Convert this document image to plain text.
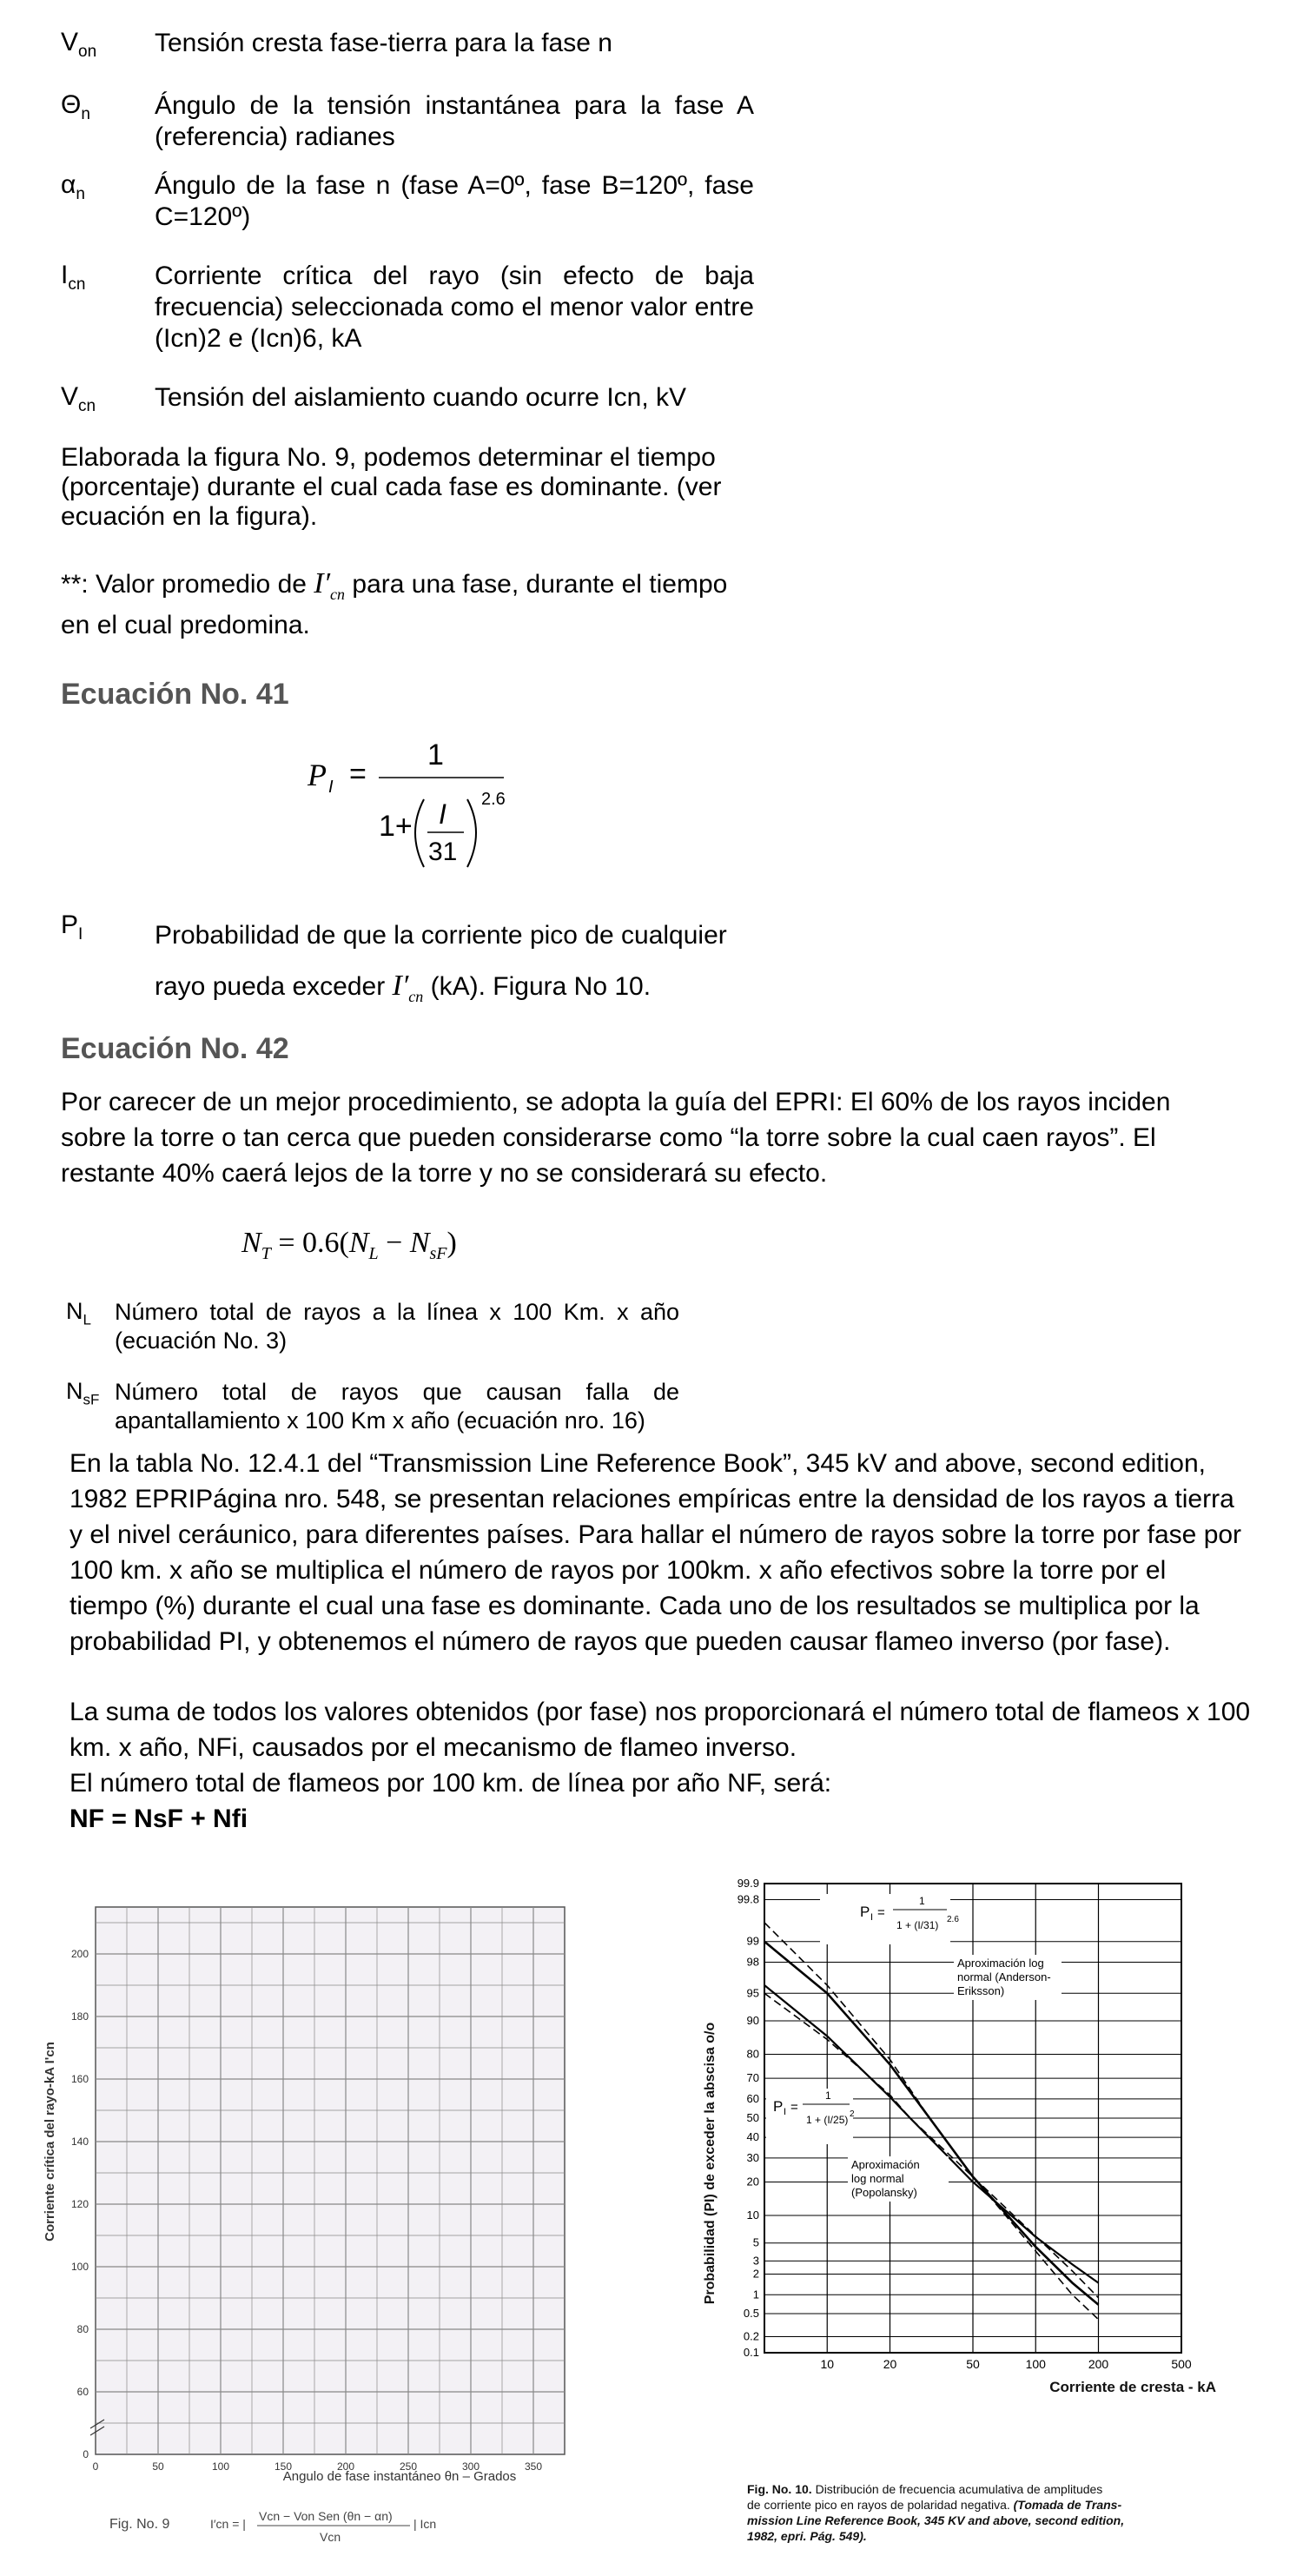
$V_{on}$ Tensión cresta fase-tierra para la fase n
$\Theta_n$ Ángulo de la tensión instantánea para la fase A (referencia) radianes
$\alpha_n$	Ángulo de la fase n (fase A=0º, fase B=120º, fase C=120º)
$I_{cn}$	Corriente crítica del rayo (sin efecto de baja frecuencia) seleccionada como el menor valor entre (Icn)2 e (Icn)6, kA
$V_{cn}$ Tensión del aislamiento cuando ocurre Icn, kV
Elaborada la figura No. 9, podemos determinar el tiempo (porcentaje) durante el cual cada fase es dominante. (ver ecuación en la figura).
**: Valor promedio de $I'_{cn}$ para una fase, durante el tiempo en el cual predomina.
Ecuación No. 41
P I =
1
1+ I
31
2.6
$P_I$	Probabilidad de que la corriente pico de cualquier
rayo pueda exceder $I'_{cn}$ (kA). Figura No 10.
Ecuación No. 42
Por carecer de un mejor procedimiento, se adopta la guía del EPRI: El 60% de los rayos inciden sobre la torre o tan cerca que pueden considerarse como “la torre sobre la cual caen rayos”. El restante 40% caerá lejos de la torre y no se considerará su efecto.
$N_T = 0.6(N_L - N_{sF})$
$N_L$ Número total de rayos a la línea x 100 Km. x año (ecuación No. 3)
$N_{sF}$ Número total de rayos que causan falla de apantallamiento x 100 Km x año (ecuación nro. 16)
En la tabla No. 12.4.1 del “Transmission Line Reference Book”, 345 kV and above, second edition, 1982 EPRIPágina nro. 548, se presentan relaciones empíricas entre la densidad de los rayos a tierra y el nivel ceráunico, para diferentes países. Para hallar el número de rayos sobre la torre por fase por 100 km. x año se multiplica el número de rayos por 100km. x año efectivos sobre la torre por el tiempo (%) durante el cual una fase es dominante. Cada uno de los resultados se multiplica por la probabilidad PI, y obtenemos el número de rayos que pueden causar flameo inverso (por fase).
La suma de todos los valores obtenidos (por fase) nos proporcionará el número total de flameos x 100 km. x año, NFi, causados por el mecanismo de flameo inverso.
El número total de flameos por 100 km. de línea por año NF, será:
NF = NsF + Nfi
0	50	100	150	200	250	300	350
0
60
80
100
120
140
160
180
200
Corriente crítica del rayo-kA I'cn
Angulo de fase instantáneo θn – Grados
Fig. No. 9	I′cn = |
Vcn − Von Sen (θn − αn)
Vcn
| Icn
99.9
99.8
99
98
95
90
80
70
60
50
40
30
20
10
5
3
2
1
0.5
0.2
0.1
10	20	50	100	200	500
Probabilidad (PI) de exceder la abscisa o/o
Corriente de cresta - kA
P I =
1
1 + (I/31) 2.6
Aproximación log
normal (Anderson-
Eriksson)
P I =
1
1 + (I/25) 2
Aproximación
log normal
(Popolansky)
Fig. No. 10. Distribución de frecuencia acumulativa de amplitudes
de corriente pico en rayos de polaridad negativa. (Tomada de Trans-
mission Line Reference Book, 345 KV and above, second edition,
1982, epri. Pág. 549).
